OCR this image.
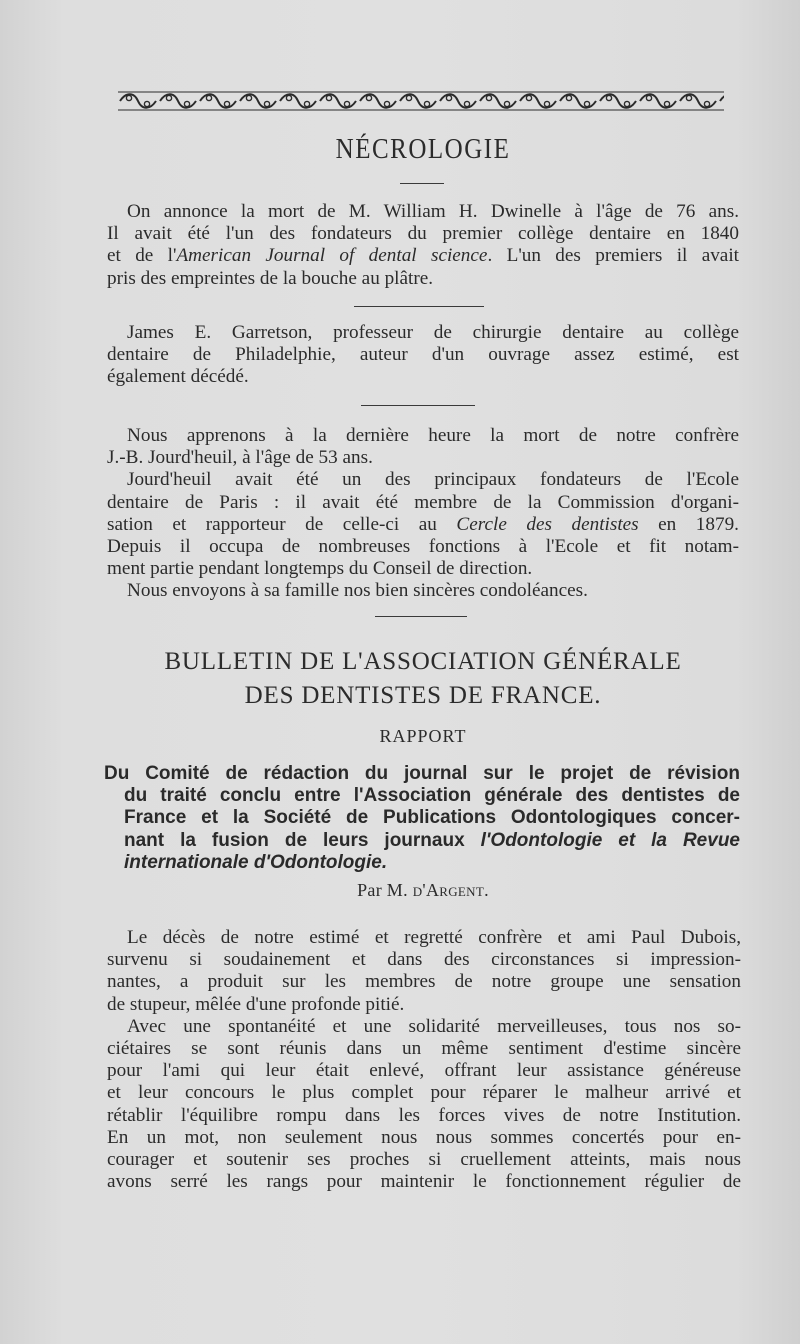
NÉCROLOGIE
On annonce la mort de M. William H. Dwinelle à l'âge de 76 ans.
Il avait été l'un des fondateurs du premier collège dentaire en 1840
et de l'American Journal of dental science. L'un des premiers il avait
pris des empreintes de la bouche au plâtre.
James E. Garretson, professeur de chirurgie dentaire au collège
dentaire de Philadelphie, auteur d'un ouvrage assez estimé, est
également décédé.
Nous apprenons à la dernière heure la mort de notre confrère
J.-B. Jourd'heuil, à l'âge de 53 ans.
Jourd'heuil avait été un des principaux fondateurs de l'Ecole
dentaire de Paris : il avait été membre de la Commission d'organi-
sation et rapporteur de celle-ci au Cercle des dentistes en 1879.
Depuis il occupa de nombreuses fonctions à l'Ecole et fit notam-
ment partie pendant longtemps du Conseil de direction.
Nous envoyons à sa famille nos bien sincères condoléances.
BULLETIN DE L'ASSOCIATION GÉNÉRALE
DES DENTISTES DE FRANCE.
RAPPORT
Du Comité de rédaction du journal sur le projet de révision
du traité conclu entre l'Association générale des dentistes de
France et la Société de Publications Odontologiques concer-
nant la fusion de leurs journaux l'Odontologie et la Revue
internationale d'Odontologie.
Par M. d'Argent.
Le décès de notre estimé et regretté confrère et ami Paul Dubois,
survenu si soudainement et dans des circonstances si impression-
nantes, a produit sur les membres de notre groupe une sensation
de stupeur, mêlée d'une profonde pitié.
Avec une spontanéité et une solidarité merveilleuses, tous nos so-
ciétaires se sont réunis dans un même sentiment d'estime sincère
pour l'ami qui leur était enlevé, offrant leur assistance généreuse
et leur concours le plus complet pour réparer le malheur arrivé et
rétablir l'équilibre rompu dans les forces vives de notre Institution.
En un mot, non seulement nous nous sommes concertés pour en-
courager et soutenir ses proches si cruellement atteints, mais nous
avons serré les rangs pour maintenir le fonctionnement régulier de
